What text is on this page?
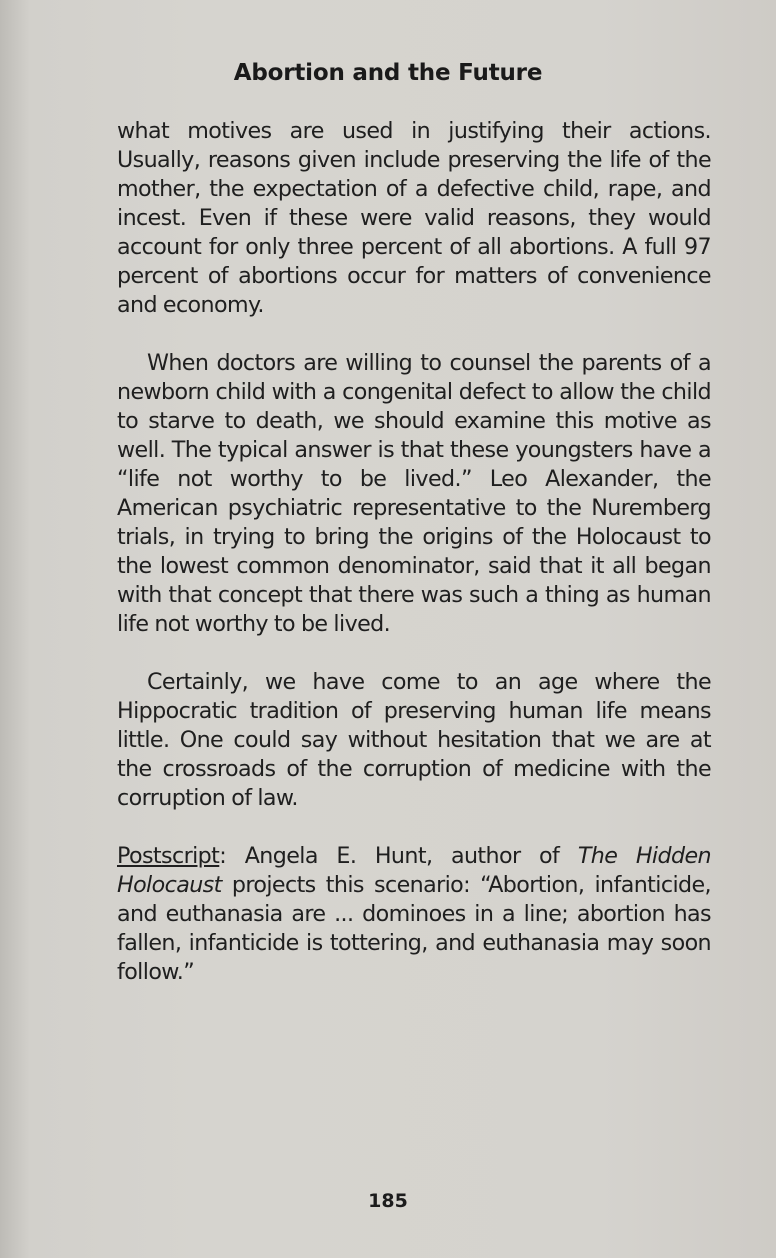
Abortion and the Future

what motives are used in justifying their actions. Usually, reasons given include preserving the life of the mother, the expectation of a defective child, rape, and incest. Even if these were valid reasons, they would account for only three percent of all abortions. A full 97 percent of abortions occur for matters of convenience and economy.

When doctors are willing to counsel the parents of a newborn child with a congenital defect to allow the child to starve to death, we should examine this motive as well. The typical answer is that these youngsters have a “life not worthy to be lived.” Leo Alexander, the American psychiatric representative to the Nuremberg trials, in trying to bring the origins of the Holocaust to the lowest common denominator, said that it all began with that concept that there was such a thing as human life not worthy to be lived.

Certainly, we have come to an age where the Hippocratic tradition of preserving human life means little. One could say without hesitation that we are at the crossroads of the corruption of medicine with the corruption of law.

Postscript: Angela E. Hunt, author of The Hidden Holocaust projects this scenario: “Abortion, infanticide, and euthanasia are ... dominoes in a line; abortion has fallen, infanticide is tottering, and euthanasia may soon follow.”

185
